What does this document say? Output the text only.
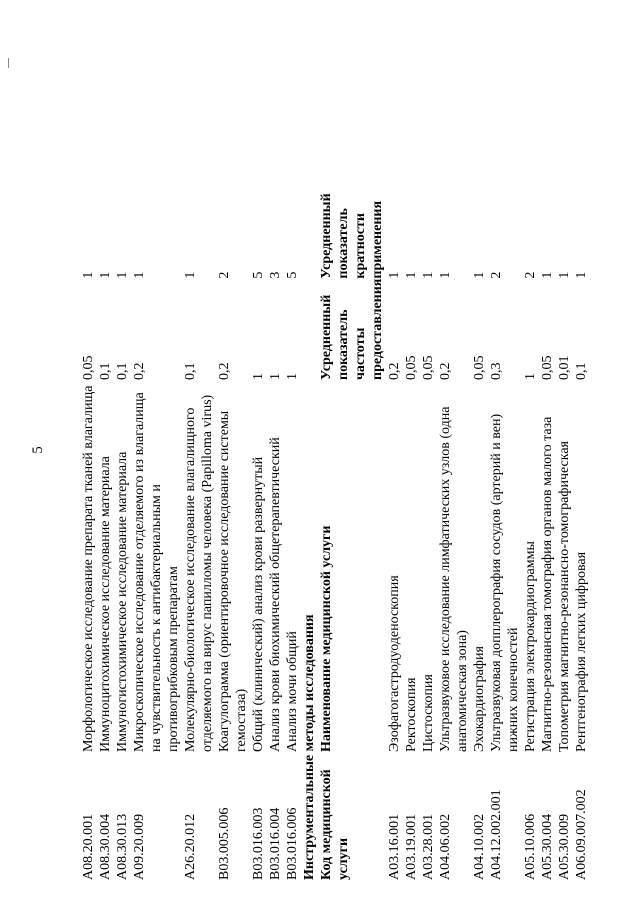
5
A08.20.001	Морфологическое исследование препарата тканей влагалища	0,05	1
A08.30.004	Иммуноцитохимическое исследование материала	0,1	1
A08.30.013	Иммуногистохимическое исследование материала	0,1	1
A09.20.009	Микроскопическое исследование отделяемого из влагалища на чувствительность к антибактериальным и противогрибковым препаратам	0,2	1
A26.20.012	Молекулярно-биологическое исследование влагалищного отделяемого на вирус папилломы человека (Papilloma virus)	0,1	1
B03.005.006	Коагулограмма (ориентировочное исследование системы гемостаза)	0,2	2
B03.016.003	Общий (клинический) анализ крови развернутый	1	5
B03.016.004	Анализ крови биохимический общетерапевтический	1	3
B03.016.006	Анализ мочи общий	1	5
Инструментальные методы исследования			
Код медицинской услуги	Наименование медицинской услуги	Усредненный показатель частоты предоставления	Усредненный показатель кратности применения
A03.16.001	Эзофагогастродуоденоскопия	0,2	1
A03.19.001	Ректоскопия	0,05	1
A03.28.001	Цистоскопия	0,05	1
A04.06.002	Ультразвуковое исследование лимфатических узлов (одна анатомическая зона)	0,2	1
A04.10.002	Эхокардиография	0,05	1
A04.12.002.001	Ультразвуковая допплерография сосудов (артерий и вен) нижних конечностей	0,3	2
A05.10.006	Регистрация электрокардиограммы	1	2
A05.30.004	Магнитно-резонансная томография органов малого таза	0,05	1
A05.30.009	Топометрия магнитно-резонансно-томографическая	0,01	1
A06.09.007.002	Рентгенография легких цифровая	0,1	1
